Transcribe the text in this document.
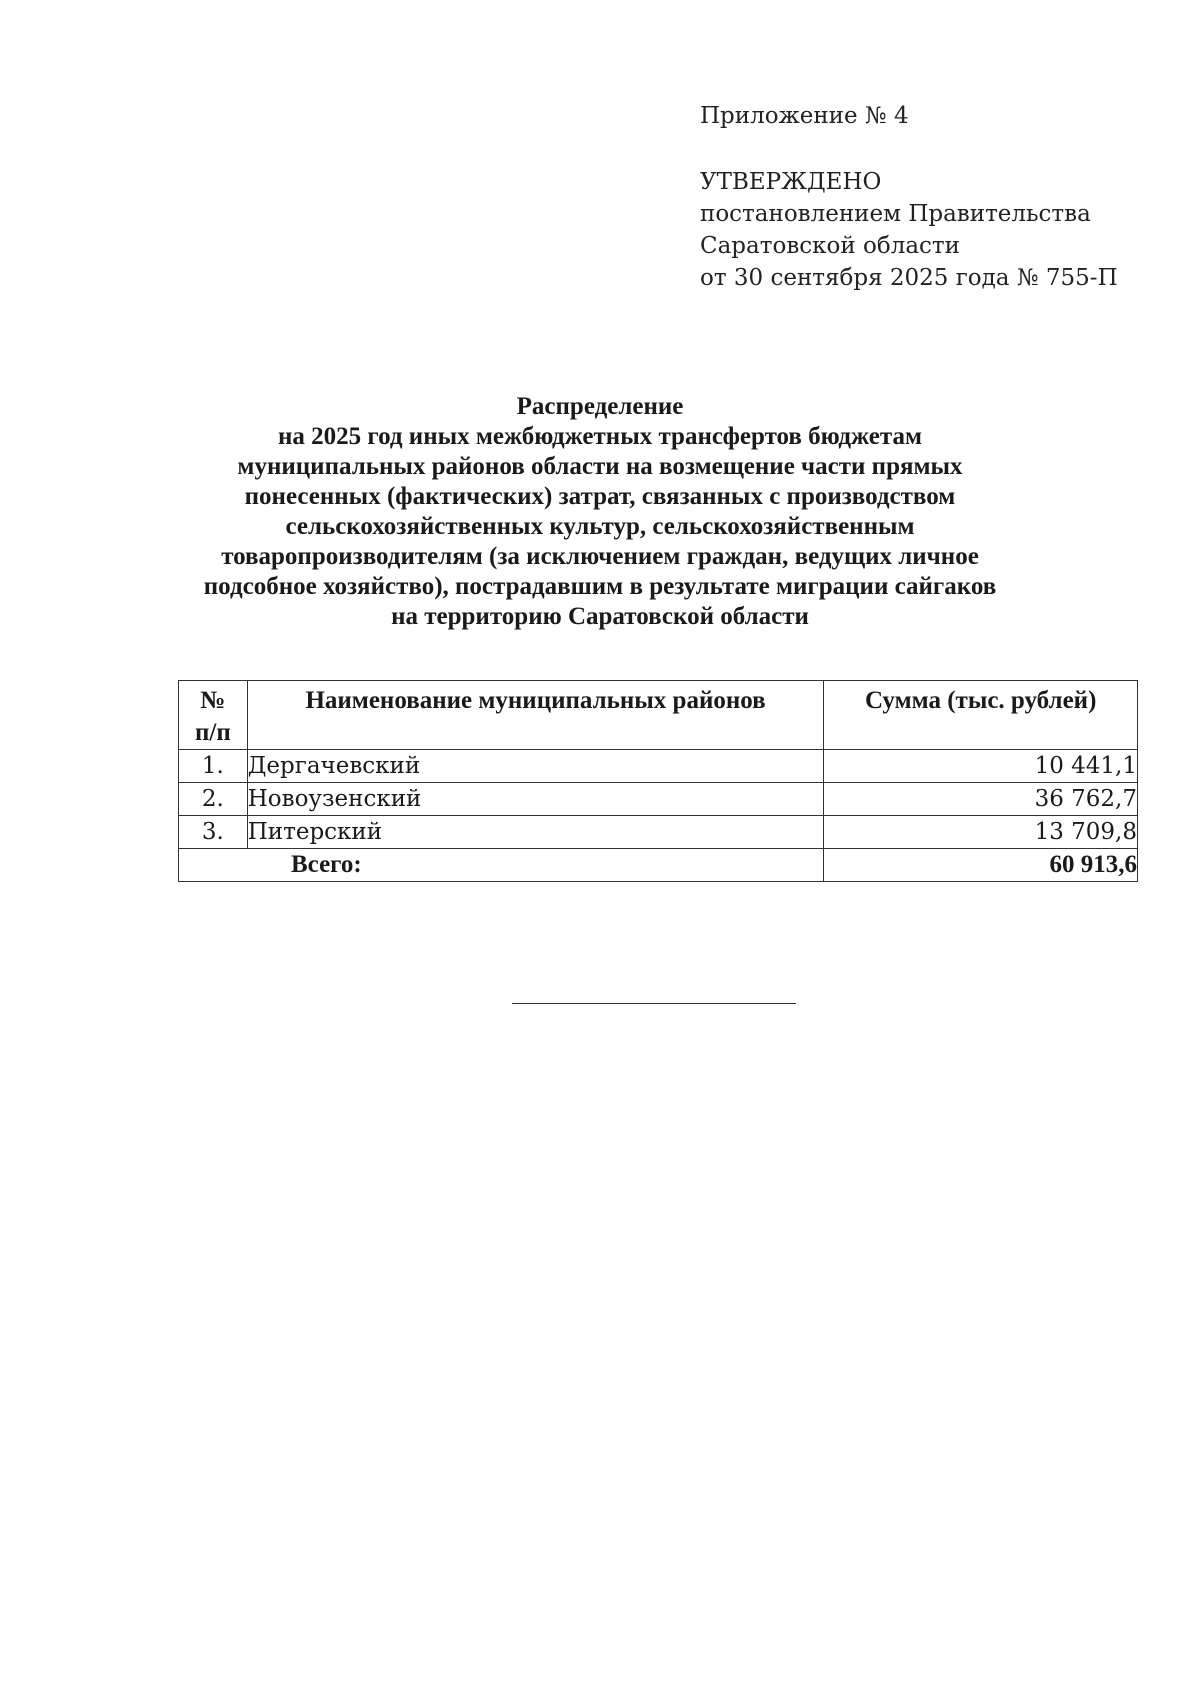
Приложение № 4
УТВЕРЖДЕНО
постановлением Правительства
Саратовской области
от 30 сентября 2025 года № 755-П
Распределение
на 2025 год иных межбюджетных трансфертов бюджетам
муниципальных районов области на возмещение части прямых
понесенных (фактических) затрат, связанных с производством
сельскохозяйственных культур, сельскохозяйственным
товаропроизводителям (за исключением граждан, ведущих личное
подсобное хозяйство), пострадавшим в результате миграции сайгаков
на территорию Саратовской области
№
п/п	Наименование муниципальных районов	Сумма (тыс. рублей)
1.	Дергачевский	10 441,1
2.	Новоузенский	36 762,7
3.	Питерский	13 709,8
Всего:		60 913,6
